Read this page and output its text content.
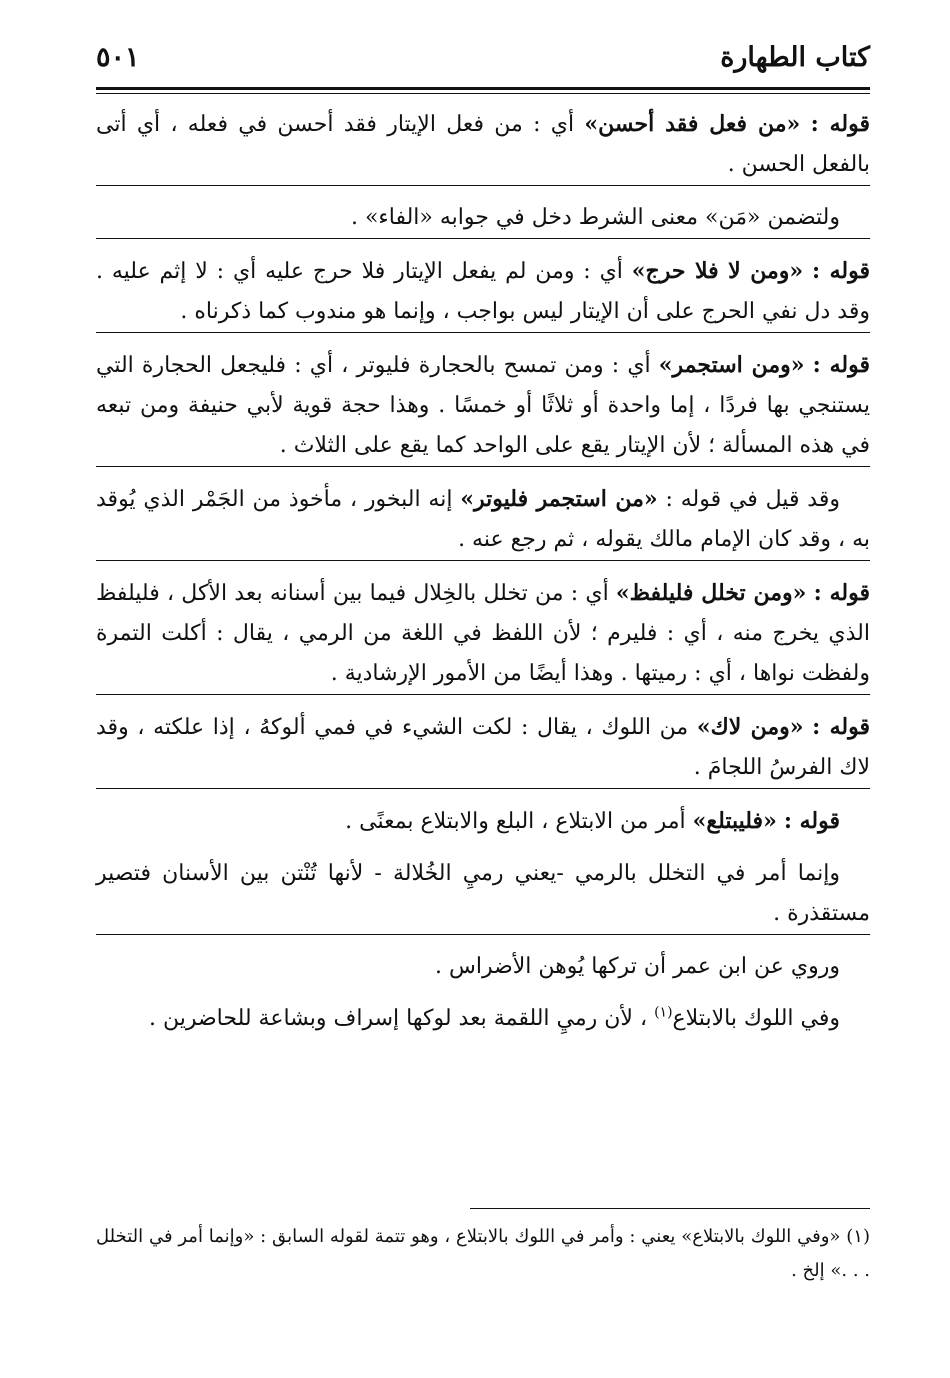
كتاب الطهارة
٥٠١

قوله : «من فعل فقد أحسن» أي : من فعل الإيتار فقد أحسن في فعله ، أي أتى بالفعل الحسن .

ولتضمن «مَن» معنى الشرط دخل في جوابه «الفاء» .

قوله : «ومن لا فلا حرج» أي : ومن لم يفعل الإيتار فلا حرج عليه أي : لا إثم عليه . وقد دل نفي الحرج على أن الإيتار ليس بواجب ، وإنما هو مندوب كما ذكرناه .

قوله : «ومن استجمر» أي : ومن تمسح بالحجارة فليوتر ، أي : فليجعل الحجارة التي يستنجي بها فردًا ، إما واحدة أو ثلاثًا أو خمسًا . وهذا حجة قوية لأبي حنيفة ومن تبعه في هذه المسألة ؛ لأن الإيتار يقع على الواحد كما يقع على الثلاث .

وقد قيل في قوله : «من استجمر فليوتر» إنه البخور ، مأخوذ من الجَمْر الذي يُوقد به ، وقد كان الإمام مالك يقوله ، ثم رجع عنه .

قوله : «ومن تخلل فليلفظ» أي : من تخلل بالخِلال فيما بين أسنانه بعد الأكل ، فليلفظ الذي يخرج منه ، أي : فليرم ؛ لأن اللفظ في اللغة من الرمي ، يقال : أكلت التمرة ولفظت نواها ، أي : رميتها . وهذا أيضًا من الأمور الإرشادية .

قوله : «ومن لاك» من اللوك ، يقال : لكت الشيء في فمي ألوكهُ ، إذا علكته ، وقد لاك الفرسُ اللجامَ .

قوله : «فليبتلع» أمر من الابتلاع ، البلع والابتلاع بمعنًى .

وإنما أمر في التخلل بالرمي -يعني رميِ الخُلالة - لأنها تُنْتن بين الأسنان فتصير مستقذرة .

وروي عن ابن عمر أن تركها يُوهن الأضراس .

وفي اللوك بالابتلاع$^{(١)}$ ، لأن رميِ اللقمة بعد لوكها إسراف وبشاعة للحاضرين .

(١) «وفي اللوك بالابتلاع» يعني : وأمر في اللوك بالابتلاع ، وهو تتمة لقوله السابق : «وإنما أمر في التخلل . . .» إلخ .
